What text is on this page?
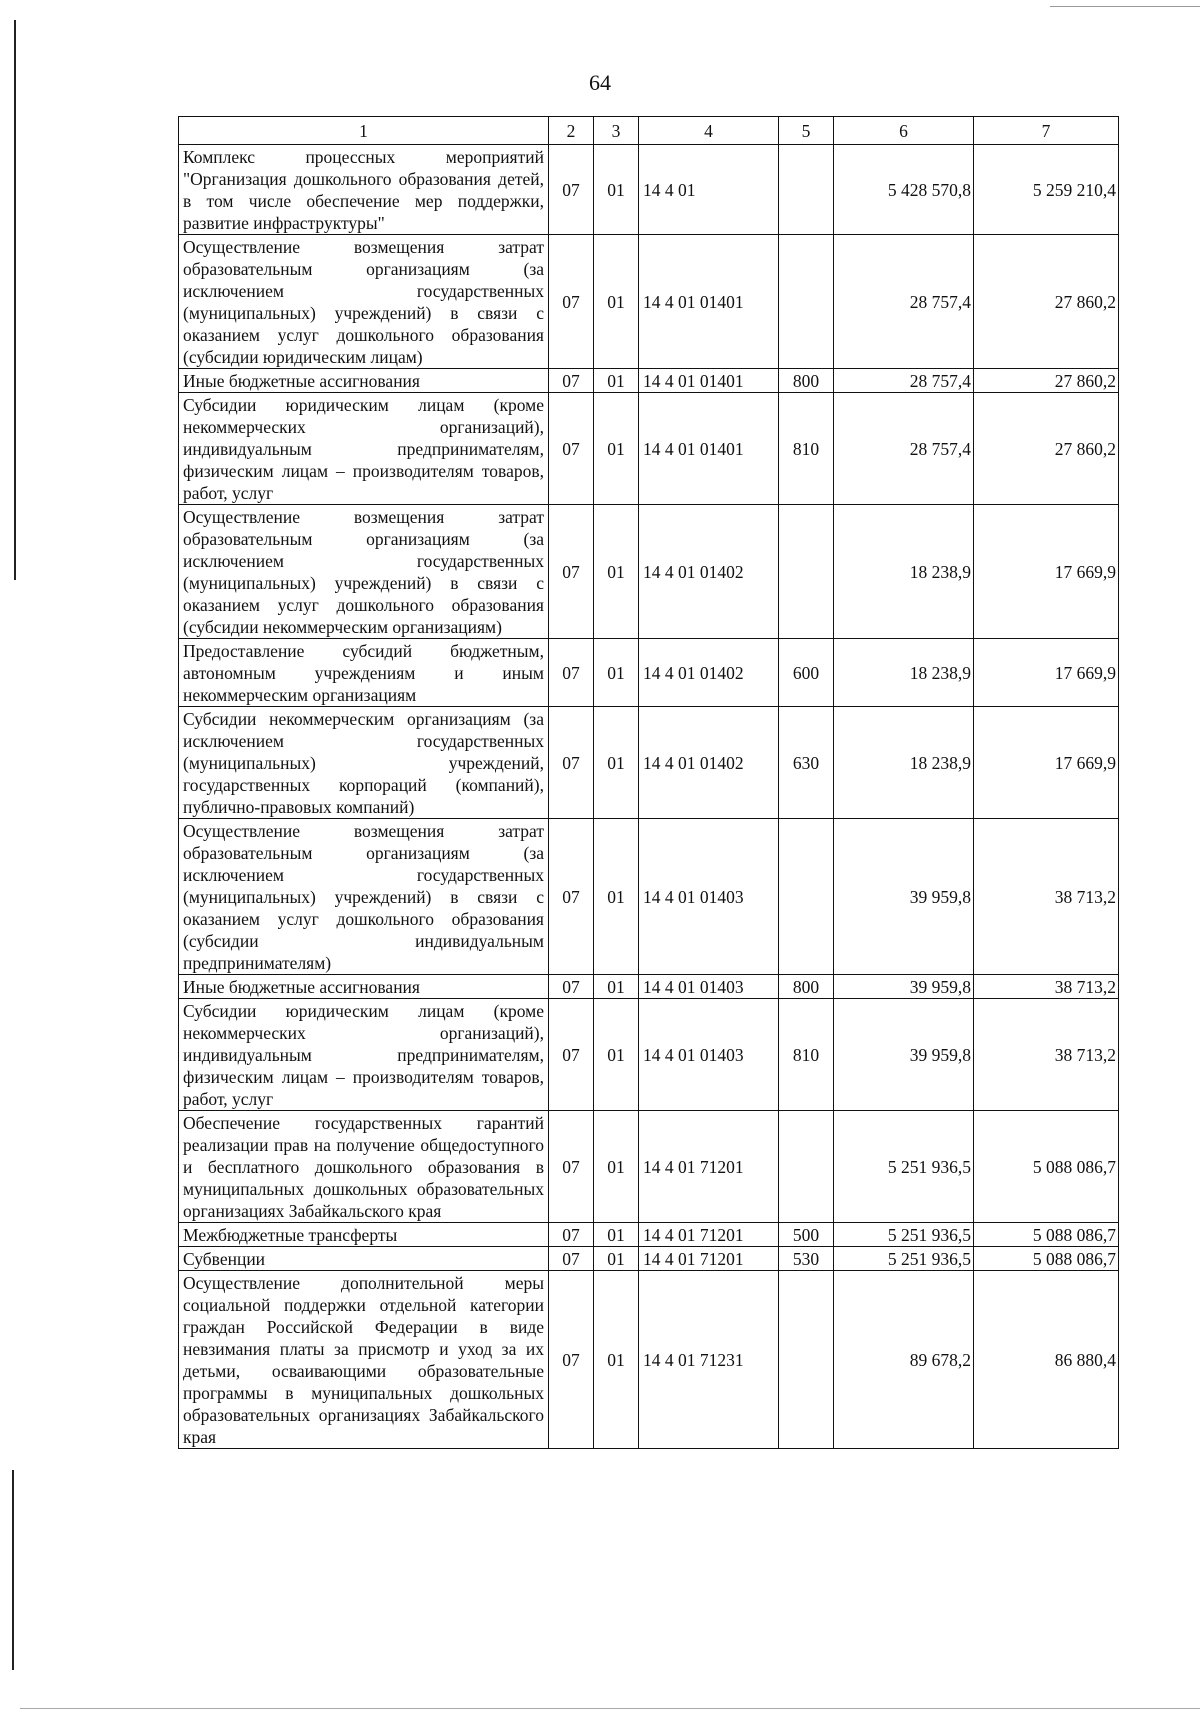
64
1	2	3	4	5	6	7
Комплекс процессных мероприятий "Организация дошкольного образования детей, в том числе обеспечение мер поддержки, развитие инфраструктуры"	07	01	14 4 01		5 428 570,8	5 259 210,4
Осуществление возмещения затрат образовательным организациям (за исключением государственных (муниципальных) учреждений) в связи с оказанием услуг дошкольного образования (субсидии юридическим лицам)	07	01	14 4 01 01401		28 757,4	27 860,2
Иные бюджетные ассигнования	07	01	14 4 01 01401	800	28 757,4	27 860,2
Субсидии юридическим лицам (кроме некоммерческих организаций), индивидуальным предпринимателям, физическим лицам – производителям товаров, работ, услуг	07	01	14 4 01 01401	810	28 757,4	27 860,2
Осуществление возмещения затрат образовательным организациям (за исключением государственных (муниципальных) учреждений) в связи с оказанием услуг дошкольного образования (субсидии некоммерческим организациям)	07	01	14 4 01 01402		18 238,9	17 669,9
Предоставление субсидий бюджетным, автономным учреждениям и иным некоммерческим организациям	07	01	14 4 01 01402	600	18 238,9	17 669,9
Субсидии некоммерческим организациям (за исключением государственных (муниципальных) учреждений, государственных корпораций (компаний), публично-правовых компаний)	07	01	14 4 01 01402	630	18 238,9	17 669,9
Осуществление возмещения затрат образовательным организациям (за исключением государственных (муниципальных) учреждений) в связи с оказанием услуг дошкольного образования (субсидии индивидуальным предпринимателям)	07	01	14 4 01 01403		39 959,8	38 713,2
Иные бюджетные ассигнования	07	01	14 4 01 01403	800	39 959,8	38 713,2
Субсидии юридическим лицам (кроме некоммерческих организаций), индивидуальным предпринимателям, физическим лицам – производителям товаров, работ, услуг	07	01	14 4 01 01403	810	39 959,8	38 713,2
Обеспечение государственных гарантий реализации прав на получение общедоступного и бесплатного дошкольного образования в муниципальных дошкольных образовательных организациях Забайкальского края	07	01	14 4 01 71201		5 251 936,5	5 088 086,7
Межбюджетные трансферты	07	01	14 4 01 71201	500	5 251 936,5	5 088 086,7
Субвенции	07	01	14 4 01 71201	530	5 251 936,5	5 088 086,7
Осуществление дополнительной меры социальной поддержки отдельной категории граждан Российской Федерации в виде невзимания платы за присмотр и уход за их детьми, осваивающими образовательные программы в муниципальных дошкольных образовательных организациях Забайкальского края	07	01	14 4 01 71231		89 678,2	86 880,4
